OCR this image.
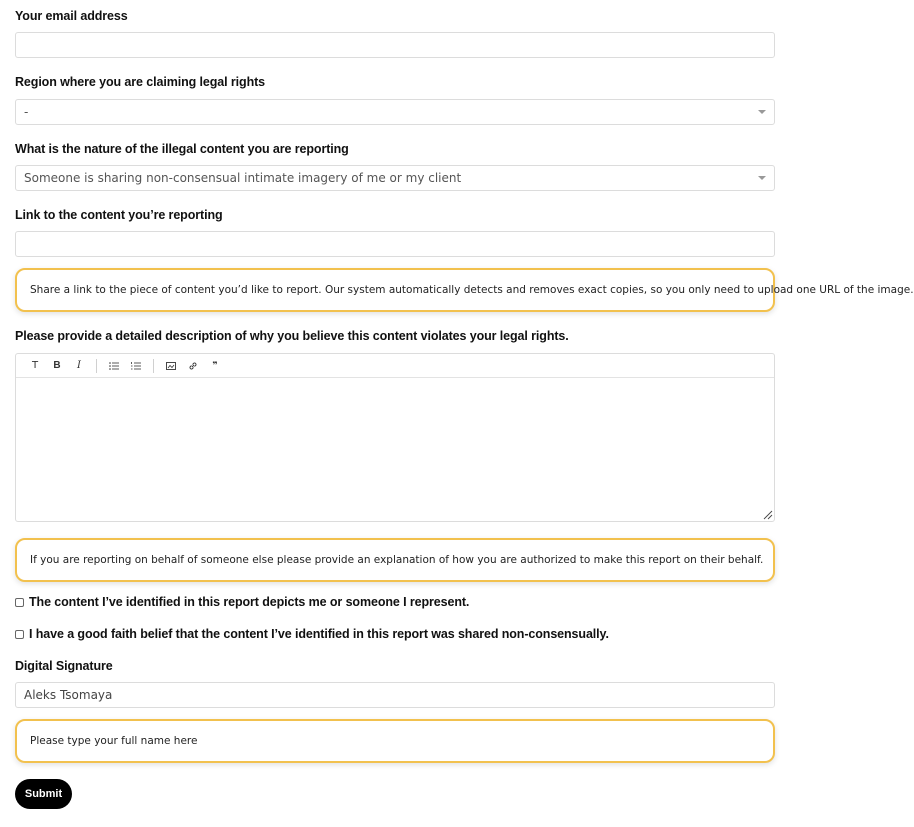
Your email address
Region where you are claiming legal rights
-
What is the nature of the illegal content you are reporting
Someone is sharing non-consensual intimate imagery of me or my client
Link to the content you’re reporting
Share a link to the piece of content you’d like to report. Our system automatically detects and removes exact copies, so you only need to upload one URL of the image.
Please provide a detailed description of why you believe this content violates your legal rights.
T	B	I	❞
If you are reporting on behalf of someone else please provide an explanation of how you are authorized to make this report on their behalf.
The content I’ve identified in this report depicts me or someone I represent.
I have a good faith belief that the content I’ve identified in this report was shared non-consensually.
Digital Signature
Aleks Tsomaya
Please type your full name here
Submit
